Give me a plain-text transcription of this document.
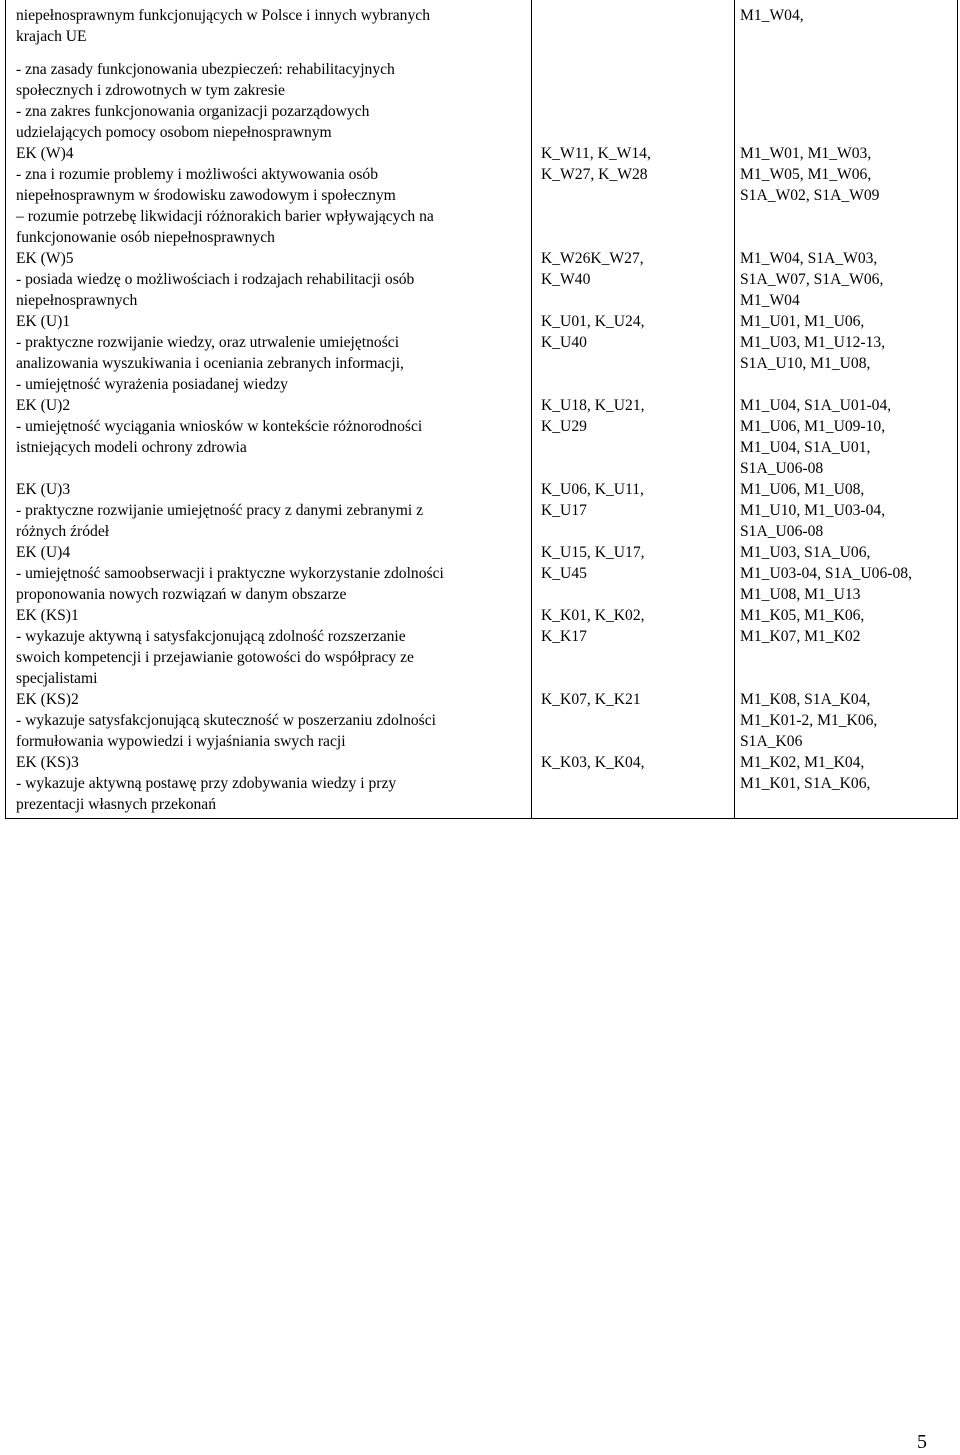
niepełnosprawnym funkcjonujących w Polsce i innych wybranych
krajach UE
- zna zasady funkcjonowania ubezpieczeń: rehabilitacyjnych
społecznych i zdrowotnych w tym zakresie
- zna zakres funkcjonowania organizacji pozarządowych
udzielających pomocy osobom niepełnosprawnym
EK (W)4
- zna i rozumie problemy i możliwości aktywowania osób
niepełnosprawnym w środowisku zawodowym i społecznym
– rozumie potrzebę likwidacji różnorakich barier wpływających na
funkcjonowanie osób niepełnosprawnych
EK (W)5
- posiada wiedzę o możliwościach i rodzajach rehabilitacji osób
niepełnosprawnych
EK (U)1
- praktyczne rozwijanie wiedzy, oraz utrwalenie umiejętności
analizowania wyszukiwania i oceniania zebranych informacji,
- umiejętność wyrażenia posiadanej wiedzy
EK (U)2
- umiejętność wyciągania wniosków w kontekście różnorodności
istniejących modeli ochrony zdrowia
EK (U)3
- praktyczne rozwijanie umiejętność pracy z danymi zebranymi z
różnych źródeł
EK (U)4
- umiejętność samoobserwacji i praktyczne wykorzystanie zdolności
proponowania nowych rozwiązań w danym obszarze
EK (KS)1
- wykazuje aktywną i satysfakcjonującą zdolność rozszerzanie
swoich kompetencji i przejawianie gotowości do współpracy ze
specjalistami
EK (KS)2
- wykazuje satysfakcjonującą skuteczność w poszerzaniu zdolności
formułowania wypowiedzi i wyjaśniania swych racji
EK (KS)3
- wykazuje aktywną postawę przy zdobywania wiedzy i przy
prezentacji własnych przekonań
K_W11, K_W14,
K_W27, K_W28
K_W26K_W27,
K_W40
K_U01, K_U24,
K_U40
K_U18, K_U21,
K_U29
K_U06, K_U11,
K_U17
K_U15, K_U17,
K_U45
K_K01, K_K02,
K_K17
K_K07, K_K21
K_K03, K_K04,
M1_W04,
M1_W01, M1_W03,
M1_W05, M1_W06,
S1A_W02, S1A_W09
M1_W04, S1A_W03,
S1A_W07, S1A_W06,
M1_W04
M1_U01, M1_U06,
M1_U03, M1_U12-13,
S1A_U10, M1_U08,
M1_U04, S1A_U01-04,
M1_U06, M1_U09-10,
M1_U04, S1A_U01,
S1A_U06-08
M1_U06, M1_U08,
M1_U10, M1_U03-04,
S1A_U06-08
M1_U03, S1A_U06,
M1_U03-04, S1A_U06-08,
M1_U08, M1_U13
M1_K05, M1_K06,
M1_K07, M1_K02
M1_K08, S1A_K04,
M1_K01-2, M1_K06,
S1A_K06
M1_K02, M1_K04,
M1_K01, S1A_K06,
5
